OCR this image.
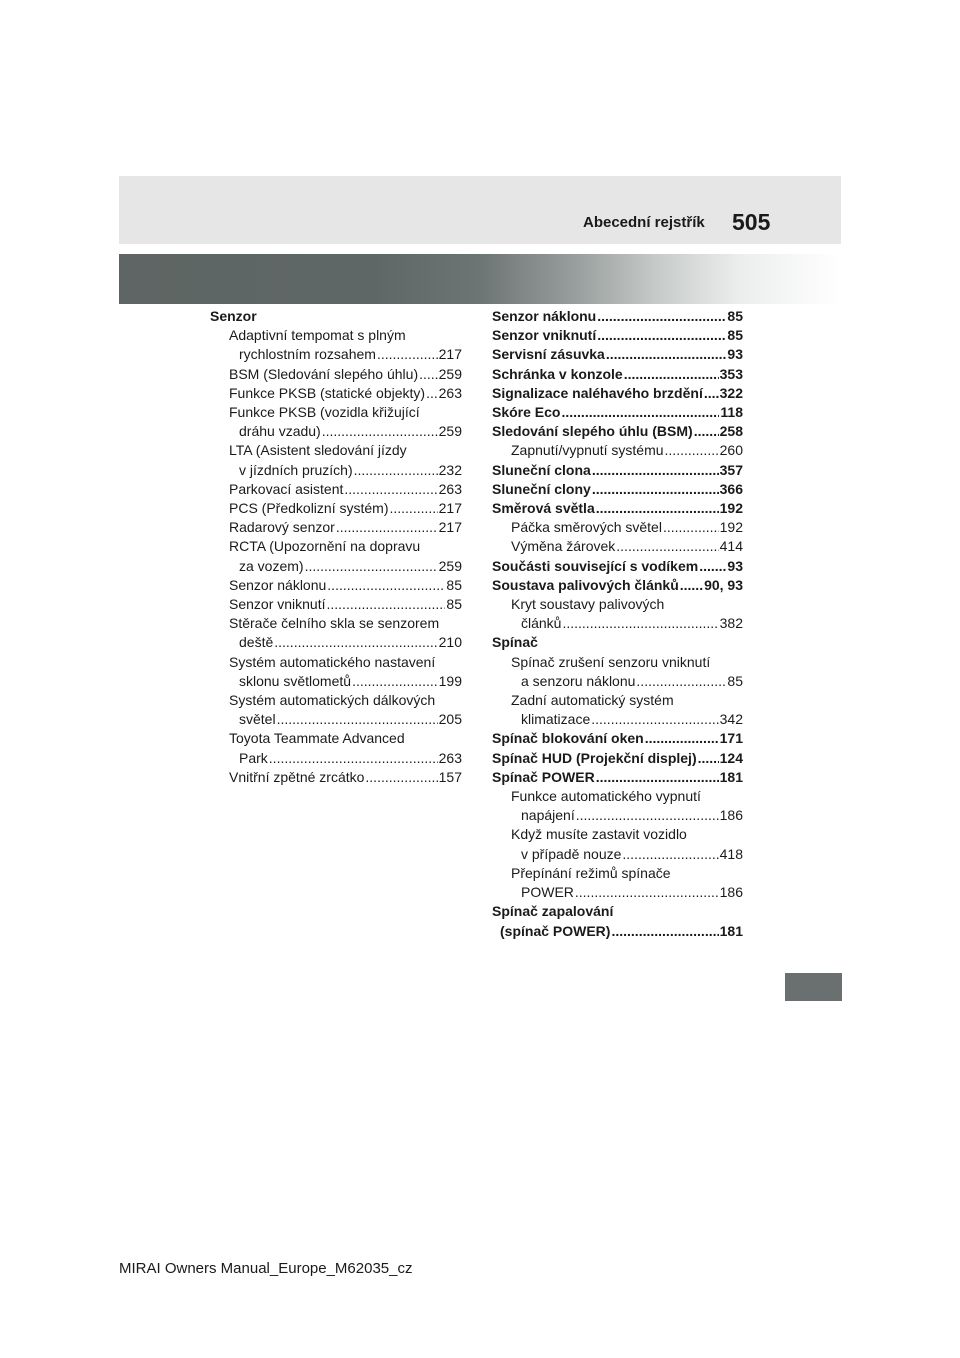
Abecední rejstřík 505
Senzor
Adaptivní tempomat s plným
rychlostním rozsahem .....	217
BSM (Sledování slepého úhlu) ..... 259
Funkce PKSB (statické objekty) ..... 263
Funkce PKSB (vozidla křižující
dráhu vzadu) .....	259
LTA (Asistent sledování jízdy
v jízdních pruzích) .....	232
Parkovací asistent .....	263
PCS (Předkolizní systém) .....	217
Radarový senzor .....	217
RCTA (Upozornění na dopravu
za vozem) .....	259
Senzor náklonu .....	85
Senzor vniknutí .....	85
Stěrače čelního skla se senzorem
deště .....	210
Systém automatického nastavení
sklonu světlometů .....	199
Systém automatických dálkových
světel .....	205
Toyota Teammate Advanced
Park .....	263
Vnitřní zpětné zrcátko .....	157
Senzor náklonu .....	85
Senzor vniknutí .....	85
Servisní zásuvka .....	93
Schránka v konzole .....	353
Signalizace naléhavého brzdění ..... 322
Skóre Eco .....	118
Sledování slepého úhlu (BSM) ..... 258
Zapnutí/vypnutí systému .....	260
Sluneční clona .....	357
Sluneční clony .....	366
Směrová světla .....	192
Páčka směrových světel .....	192
Výměna žárovek .....	414
Součásti související s vodíkem ..... 93
Soustava palivových článků ..... 90, 93
Kryt soustavy palivových
článků .....	382
Spínač
Spínač zrušení senzoru vniknutí
a senzoru náklonu .....	85
Zadní automatický systém
klimatizace .....	342
Spínač blokování oken .....	171
Spínač HUD (Projekční displej) ..... 124
Spínač POWER .....	181
Funkce automatického vypnutí
napájení .....	186
Když musíte zastavit vozidlo
v případě nouze .....	418
Přepínání režimů spínače
POWER .....	186
Spínač zapalování
(spínač POWER) .....	181
MIRAI Owners Manual_Europe_M62035_cz
